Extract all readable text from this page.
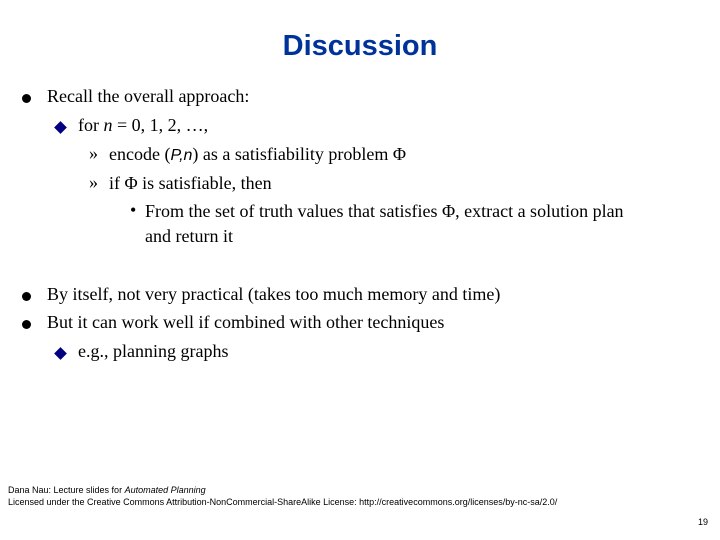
Discussion
Recall the overall approach:
for n = 0, 1, 2, …,
» encode (P,n) as a satisfiability problem Φ
» if Φ is satisfiable, then
• From the set of truth values that satisfies Φ, extract a solution plan
and return it
By itself, not very practical (takes too much memory and time)
But it can work well if combined with other techniques
e.g., planning graphs
Dana Nau: Lecture slides for Automated Planning
Licensed under the Creative Commons Attribution-NonCommercial-ShareAlike License: http://creativecommons.org/licenses/by-nc-sa/2.0/
19
